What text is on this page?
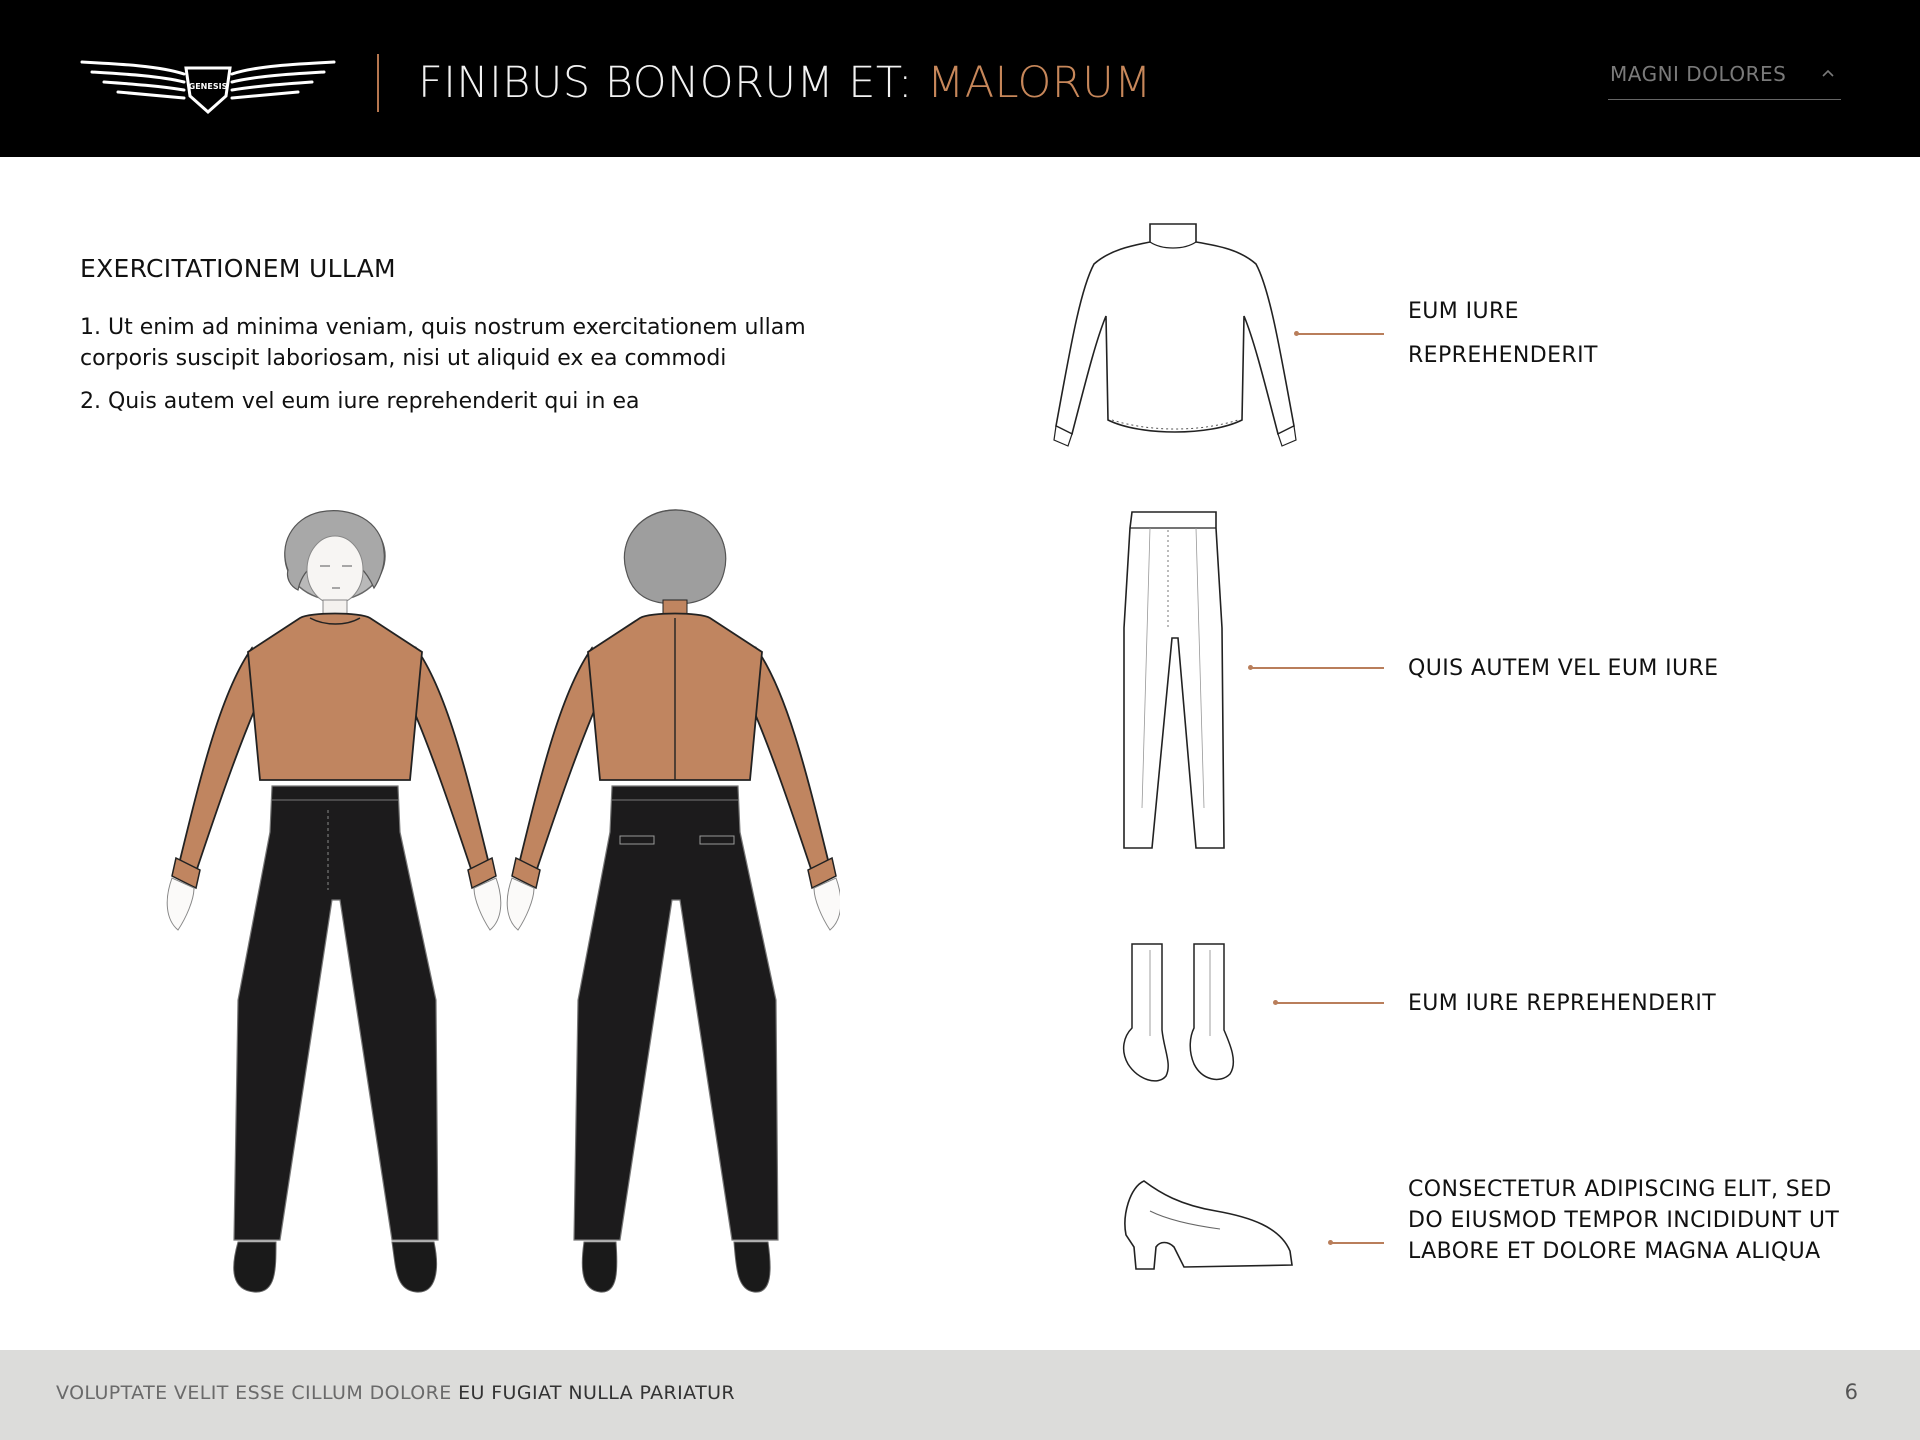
GENESIS	FINIBUS BONORUM ET: MALORUM	MAGNI DOLORES
EXERCITATIONEM ULLAM
1. Ut enim ad minima veniam, quis nostrum exercitationem ullam corporis suscipit laboriosam, nisi ut aliquid ex ea commodi
2. Quis autem vel eum iure reprehenderit qui in ea
EUM IURE
REPREHENDERIT
QUIS AUTEM VEL EUM IURE
EUM IURE REPREHENDERIT
CONSECTETUR ADIPISCING ELIT, SED
DO EIUSMOD TEMPOR INCIDIDUNT UT
LABORE ET DOLORE MAGNA ALIQUA
VOLUPTATE VELIT ESSE CILLUM DOLORE EU FUGIAT NULLA PARIATUR	6
